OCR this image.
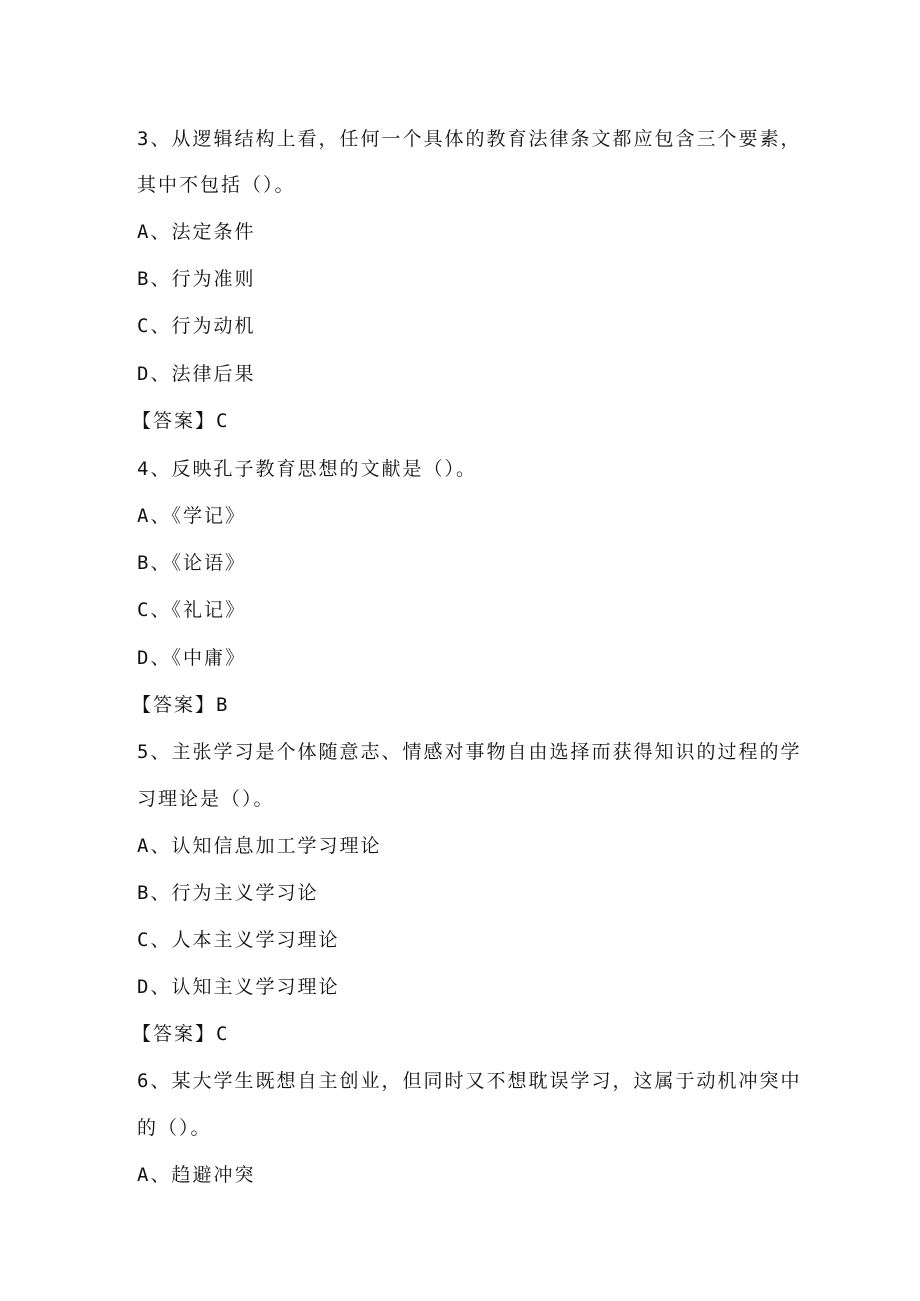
3、从逻辑结构上看，任何一个具体的教育法律条文都应包含三个要素，
其中不包括（）。
A、法定条件
B、行为准则
C、行为动机
D、法律后果
【答案】C
4、反映孔子教育思想的文献是（）。
A、《学记》
B、《论语》
C、《礼记》
D、《中庸》
【答案】B
5、主张学习是个体随意志、情感对事物自由选择而获得知识的过程的学
习理论是（）。
A、认知信息加工学习理论
B、行为主义学习论
C、人本主义学习理论
D、认知主义学习理论
【答案】C
6、某大学生既想自主创业，但同时又不想耽误学习，这属于动机冲突中
的（）。
A、趋避冲突
